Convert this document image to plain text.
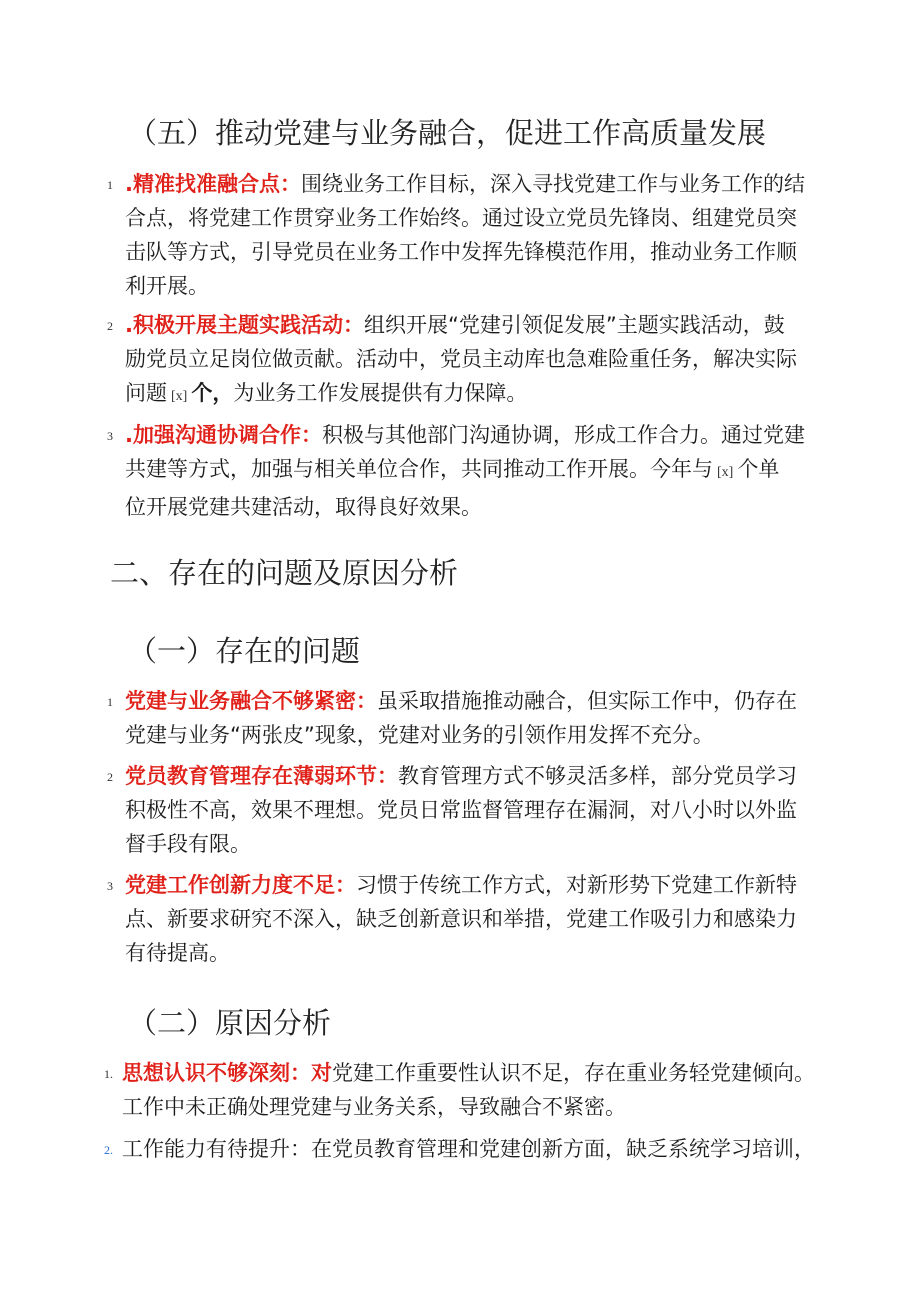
（五）推动党建与业务融合，促进工作高质量发展
1 .精准找准融合点：围绕业务工作目标，深入寻找党建工作与业务工作的结
合点，将党建工作贯穿业务工作始终。通过设立党员先锋岗、组建党员突
击队等方式，引导党员在业务工作中发挥先锋模范作用，推动业务工作顺
利开展。
2 .积极开展主题实践活动：组织开展“党建引领促发展”主题实践活动，鼓
励党员立足岗位做贡献。活动中，党员主动库也急难险重任务，解决实际
问题 [x] 个，为业务工作发展提供有力保障。
3 .加强沟通协调合作：积极与其他部门沟通协调，形成工作合力。通过党建
共建等方式，加强与相关单位合作，共同推动工作开展。今年与 [x] 个单
位开展党建共建活动，取得良好效果。
二、存在的问题及原因分析
（一）存在的问题
1 党建与业务融合不够紧密：虽采取措施推动融合，但实际工作中，仍存在
党建与业务“两张皮”现象，党建对业务的引领作用发挥不充分。
2 党员教育管理存在薄弱环节：教育管理方式不够灵活多样，部分党员学习
积极性不高，效果不理想。党员日常监督管理存在漏洞，对八小时以外监
督手段有限。
3 党建工作创新力度不足：习惯于传统工作方式，对新形势下党建工作新特
点、新要求研究不深入，缺乏创新意识和举措，党建工作吸引力和感染力
有待提高。
（二）原因分析
1. 思想认识不够深刻：对党建工作重要性认识不足，存在重业务轻党建倾向。
工作中未正确处理党建与业务关系，导致融合不紧密。
2. 工作能力有待提升：在党员教育管理和党建创新方面，缺乏系统学习培训，
